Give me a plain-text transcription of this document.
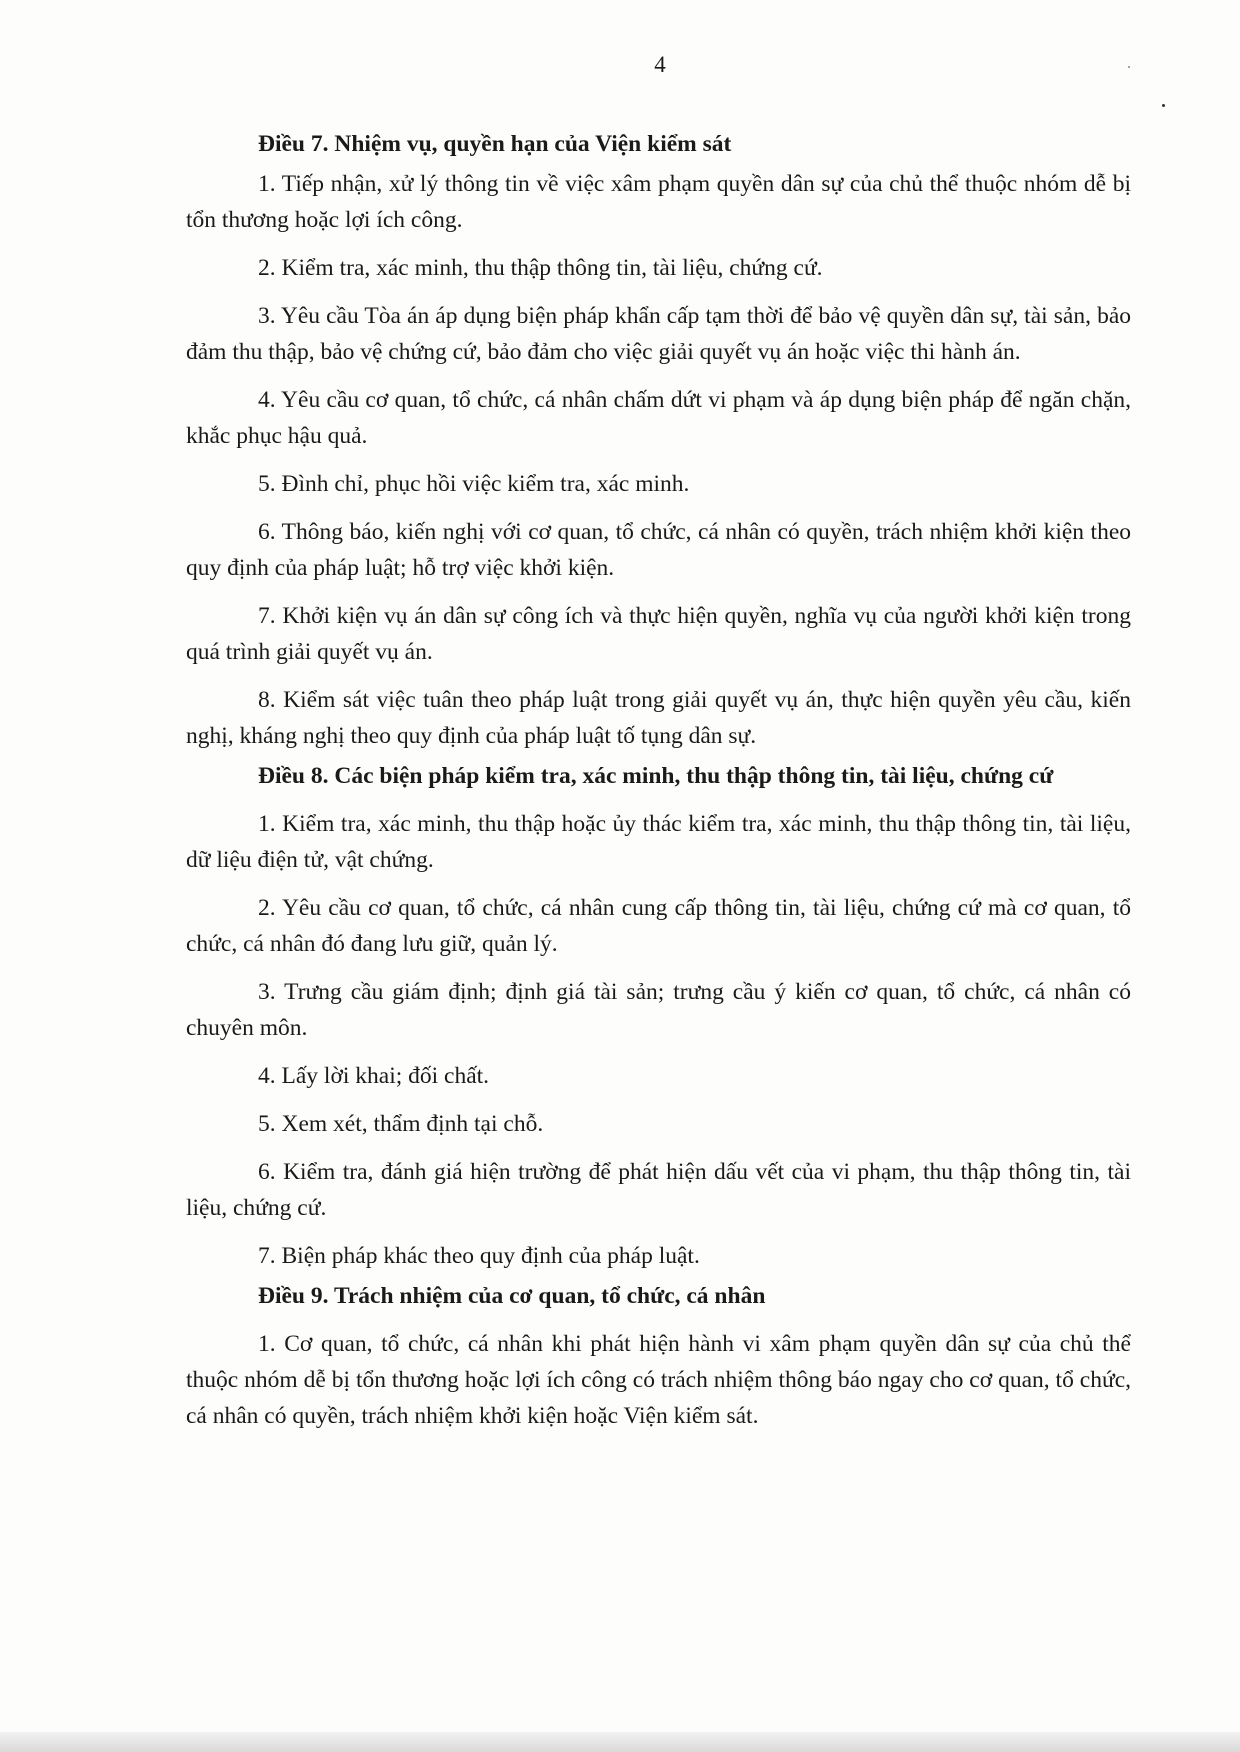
4

Điều 7. Nhiệm vụ, quyền hạn của Viện kiểm sát

1. Tiếp nhận, xử lý thông tin về việc xâm phạm quyền dân sự của chủ thể thuộc nhóm dễ bị tổn thương hoặc lợi ích công.

2. Kiểm tra, xác minh, thu thập thông tin, tài liệu, chứng cứ.

3. Yêu cầu Tòa án áp dụng biện pháp khẩn cấp tạm thời để bảo vệ quyền dân sự, tài sản, bảo đảm thu thập, bảo vệ chứng cứ, bảo đảm cho việc giải quyết vụ án hoặc việc thi hành án.

4. Yêu cầu cơ quan, tổ chức, cá nhân chấm dứt vi phạm và áp dụng biện pháp để ngăn chặn, khắc phục hậu quả.

5. Đình chỉ, phục hồi việc kiểm tra, xác minh.

6. Thông báo, kiến nghị với cơ quan, tổ chức, cá nhân có quyền, trách nhiệm khởi kiện theo quy định của pháp luật; hỗ trợ việc khởi kiện.

7. Khởi kiện vụ án dân sự công ích và thực hiện quyền, nghĩa vụ của người khởi kiện trong quá trình giải quyết vụ án.

8. Kiểm sát việc tuân theo pháp luật trong giải quyết vụ án, thực hiện quyền yêu cầu, kiến nghị, kháng nghị theo quy định của pháp luật tố tụng dân sự.

Điều 8. Các biện pháp kiểm tra, xác minh, thu thập thông tin, tài liệu, chứng cứ

1. Kiểm tra, xác minh, thu thập hoặc ủy thác kiểm tra, xác minh, thu thập thông tin, tài liệu, dữ liệu điện tử, vật chứng.

2. Yêu cầu cơ quan, tổ chức, cá nhân cung cấp thông tin, tài liệu, chứng cứ mà cơ quan, tổ chức, cá nhân đó đang lưu giữ, quản lý.

3. Trưng cầu giám định; định giá tài sản; trưng cầu ý kiến cơ quan, tổ chức, cá nhân có chuyên môn.

4. Lấy lời khai; đối chất.

5. Xem xét, thẩm định tại chỗ.

6. Kiểm tra, đánh giá hiện trường để phát hiện dấu vết của vi phạm, thu thập thông tin, tài liệu, chứng cứ.

7. Biện pháp khác theo quy định của pháp luật.

Điều 9. Trách nhiệm của cơ quan, tổ chức, cá nhân

1. Cơ quan, tổ chức, cá nhân khi phát hiện hành vi xâm phạm quyền dân sự của chủ thể thuộc nhóm dễ bị tổn thương hoặc lợi ích công có trách nhiệm thông báo ngay cho cơ quan, tổ chức, cá nhân có quyền, trách nhiệm khởi kiện hoặc Viện kiểm sát.
